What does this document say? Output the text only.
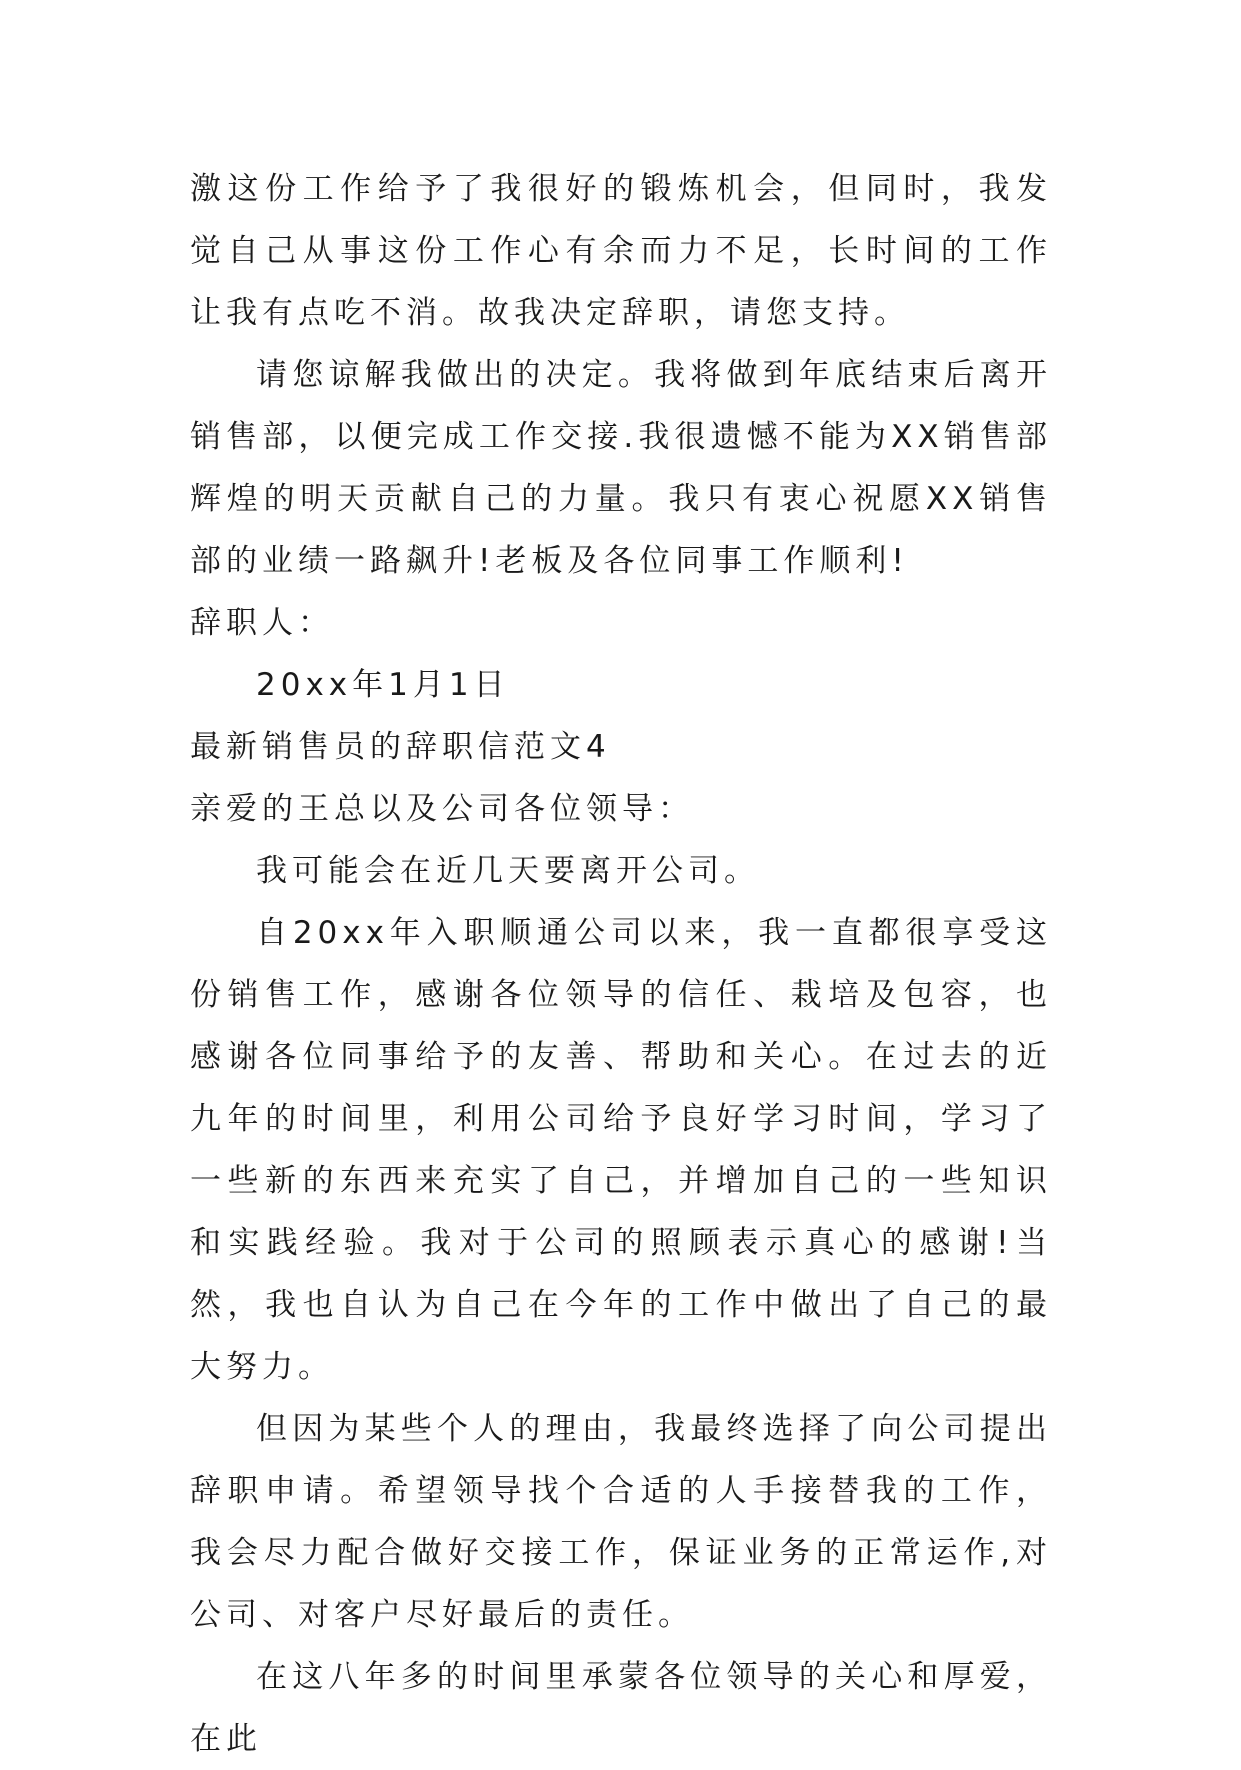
激这份工作给予了我很好的锻炼机会，但同时，我发觉自己从事这份工作心有余而力不足，长时间的工作让我有点吃不消。故我决定辞职，请您支持。

请您谅解我做出的决定。我将做到年底结束后离开销售部，以便完成工作交接.我很遗憾不能为XX销售部辉煌的明天贡献自己的力量。我只有衷心祝愿XX销售部的业绩一路飙升!老板及各位同事工作顺利!

辞职人：

20xx年1月1日

最新销售员的辞职信范文4

亲爱的王总以及公司各位领导：

我可能会在近几天要离开公司。

自20xx年入职顺通公司以来，我一直都很享受这份销售工作，感谢各位领导的信任、栽培及包容，也感谢各位同事给予的友善、帮助和关心。在过去的近九年的时间里，利用公司给予良好学习时间，学习了一些新的东西来充实了自己，并增加自己的一些知识和实践经验。我对于公司的照顾表示真心的感谢!当然，我也自认为自己在今年的工作中做出了自己的最大努力。

但因为某些个人的理由，我最终选择了向公司提出辞职申请。希望领导找个合适的人手接替我的工作，我会尽力配合做好交接工作，保证业务的正常运作,对公司、对客户尽好最后的责任。

在这八年多的时间里承蒙各位领导的关心和厚爱，在此
